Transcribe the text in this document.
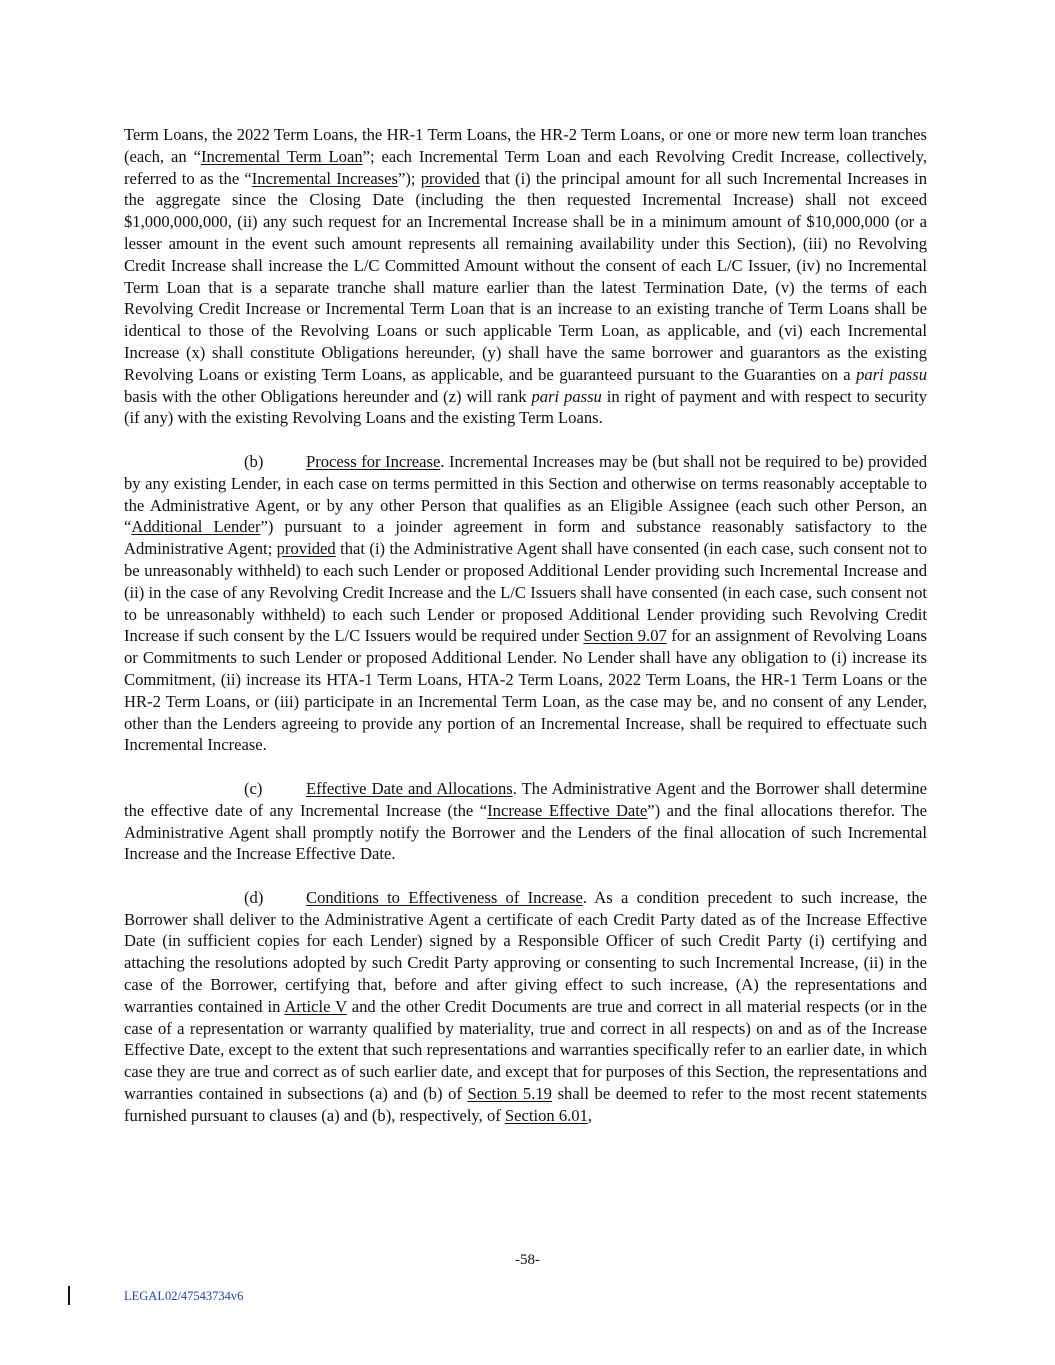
Term Loans, the 2022 Term Loans, the HR-1 Term Loans, the HR-2 Term Loans, or one or more new term loan tranches (each, an “Incremental Term Loan”; each Incremental Term Loan and each Revolving Credit Increase, collectively, referred to as the “Incremental Increases”); provided that (i) the principal amount for all such Incremental Increases in the aggregate since the Closing Date (including the then requested Incremental Increase) shall not exceed $1,000,000,000, (ii) any such request for an Incremental Increase shall be in a minimum amount of $10,000,000 (or a lesser amount in the event such amount represents all remaining availability under this Section), (iii) no Revolving Credit Increase shall increase the L/C Committed Amount without the consent of each L/C Issuer, (iv) no Incremental Term Loan that is a separate tranche shall mature earlier than the latest Termination Date, (v) the terms of each Revolving Credit Increase or Incremental Term Loan that is an increase to an existing tranche of Term Loans shall be identical to those of the Revolving Loans or such applicable Term Loan, as applicable, and (vi) each Incremental Increase (x) shall constitute Obligations hereunder, (y) shall have the same borrower and guarantors as the existing Revolving Loans or existing Term Loans, as applicable, and be guaranteed pursuant to the Guaranties on a pari passu basis with the other Obligations hereunder and (z) will rank pari passu in right of payment and with respect to security (if any) with the existing Revolving Loans and the existing Term Loans.

(b)	Process for Increase. Incremental Increases may be (but shall not be required to be) provided by any existing Lender, in each case on terms permitted in this Section and otherwise on terms reasonably acceptable to the Administrative Agent, or by any other Person that qualifies as an Eligible Assignee (each such other Person, an “Additional Lender”) pursuant to a joinder agreement in form and substance reasonably satisfactory to the Administrative Agent; provided that (i) the Administrative Agent shall have consented (in each case, such consent not to be unreasonably withheld) to each such Lender or proposed Additional Lender providing such Incremental Increase and (ii) in the case of any Revolving Credit Increase and the L/C Issuers shall have consented (in each case, such consent not to be unreasonably withheld) to each such Lender or proposed Additional Lender providing such Revolving Credit Increase if such consent by the L/C Issuers would be required under Section 9.07 for an assignment of Revolving Loans or Commitments to such Lender or proposed Additional Lender. No Lender shall have any obligation to (i) increase its Commitment, (ii) increase its HTA-1 Term Loans, HTA-2 Term Loans, 2022 Term Loans, the HR-1 Term Loans or the HR-2 Term Loans, or (iii) participate in an Incremental Term Loan, as the case may be, and no consent of any Lender, other than the Lenders agreeing to provide any portion of an Incremental Increase, shall be required to effectuate such Incremental Increase.

(c)	Effective Date and Allocations. The Administrative Agent and the Borrower shall determine the effective date of any Incremental Increase (the “Increase Effective Date”) and the final allocations therefor. The Administrative Agent shall promptly notify the Borrower and the Lenders of the final allocation of such Incremental Increase and the Increase Effective Date.

(d)	Conditions to Effectiveness of Increase. As a condition precedent to such increase, the Borrower shall deliver to the Administrative Agent a certificate of each Credit Party dated as of the Increase Effective Date (in sufficient copies for each Lender) signed by a Responsible Officer of such Credit Party (i) certifying and attaching the resolutions adopted by such Credit Party approving or consenting to such Incremental Increase, (ii) in the case of the Borrower, certifying that, before and after giving effect to such increase, (A) the representations and warranties contained in Article V and the other Credit Documents are true and correct in all material respects (or in the case of a representation or warranty qualified by materiality, true and correct in all respects) on and as of the Increase Effective Date, except to the extent that such representations and warranties specifically refer to an earlier date, in which case they are true and correct as of such earlier date, and except that for purposes of this Section, the representations and warranties contained in subsections (a) and (b) of Section 5.19 shall be deemed to refer to the most recent statements furnished pursuant to clauses (a) and (b), respectively, of Section 6.01,

-58-
LEGAL02/47543734v6
